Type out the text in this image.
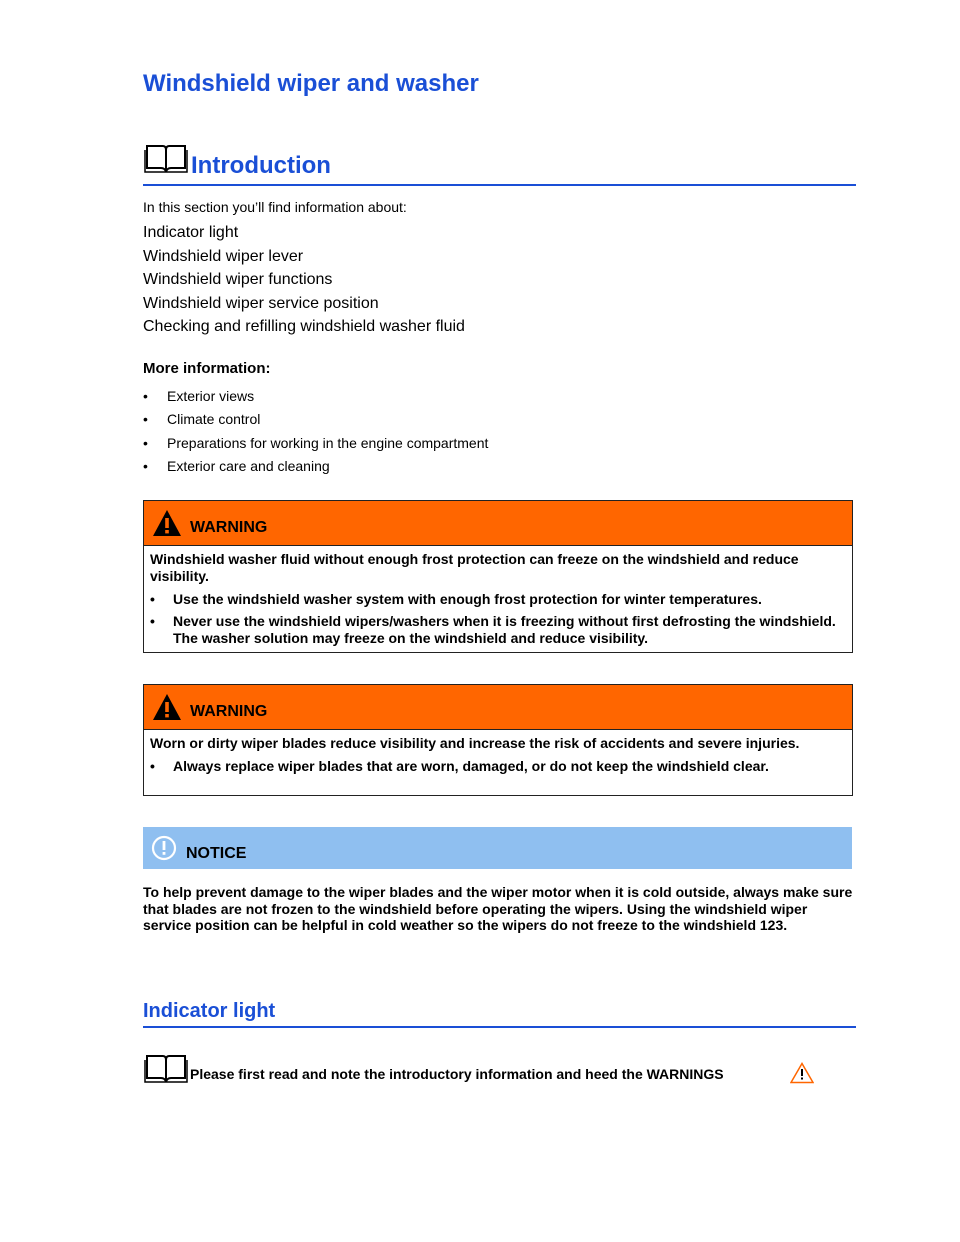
Windshield wiper and washer
Introduction
In this section you’ll find information about:
Indicator light
Windshield wiper lever
Windshield wiper functions
Windshield wiper service position
Checking and refilling windshield washer fluid
More information:
• Exterior views
• Climate control
• Preparations for working in the engine compartment
• Exterior care and cleaning
WARNING

Windshield washer fluid without enough frost protection can freeze on the windshield and reduce visibility.

• Use the windshield washer system with enough frost protection for winter temperatures.
• Never use the windshield wipers/washers when it is freezing without first defrosting the windshield. The washer solution may freeze on the windshield and reduce visibility.
WARNING

Worn or dirty wiper blades reduce visibility and increase the risk of accidents and severe injuries.

• Always replace wiper blades that are worn, damaged, or do not keep the windshield clear.
NOTICE

To help prevent damage to the wiper blades and the wiper motor when it is cold outside, always make sure that blades are not frozen to the windshield before operating the wipers. Using the windshield wiper service position can be helpful in cold weather so the wipers do not freeze to the windshield 123.

Indicator light
Please first read and note the introductory information and heed the WARNINGS
